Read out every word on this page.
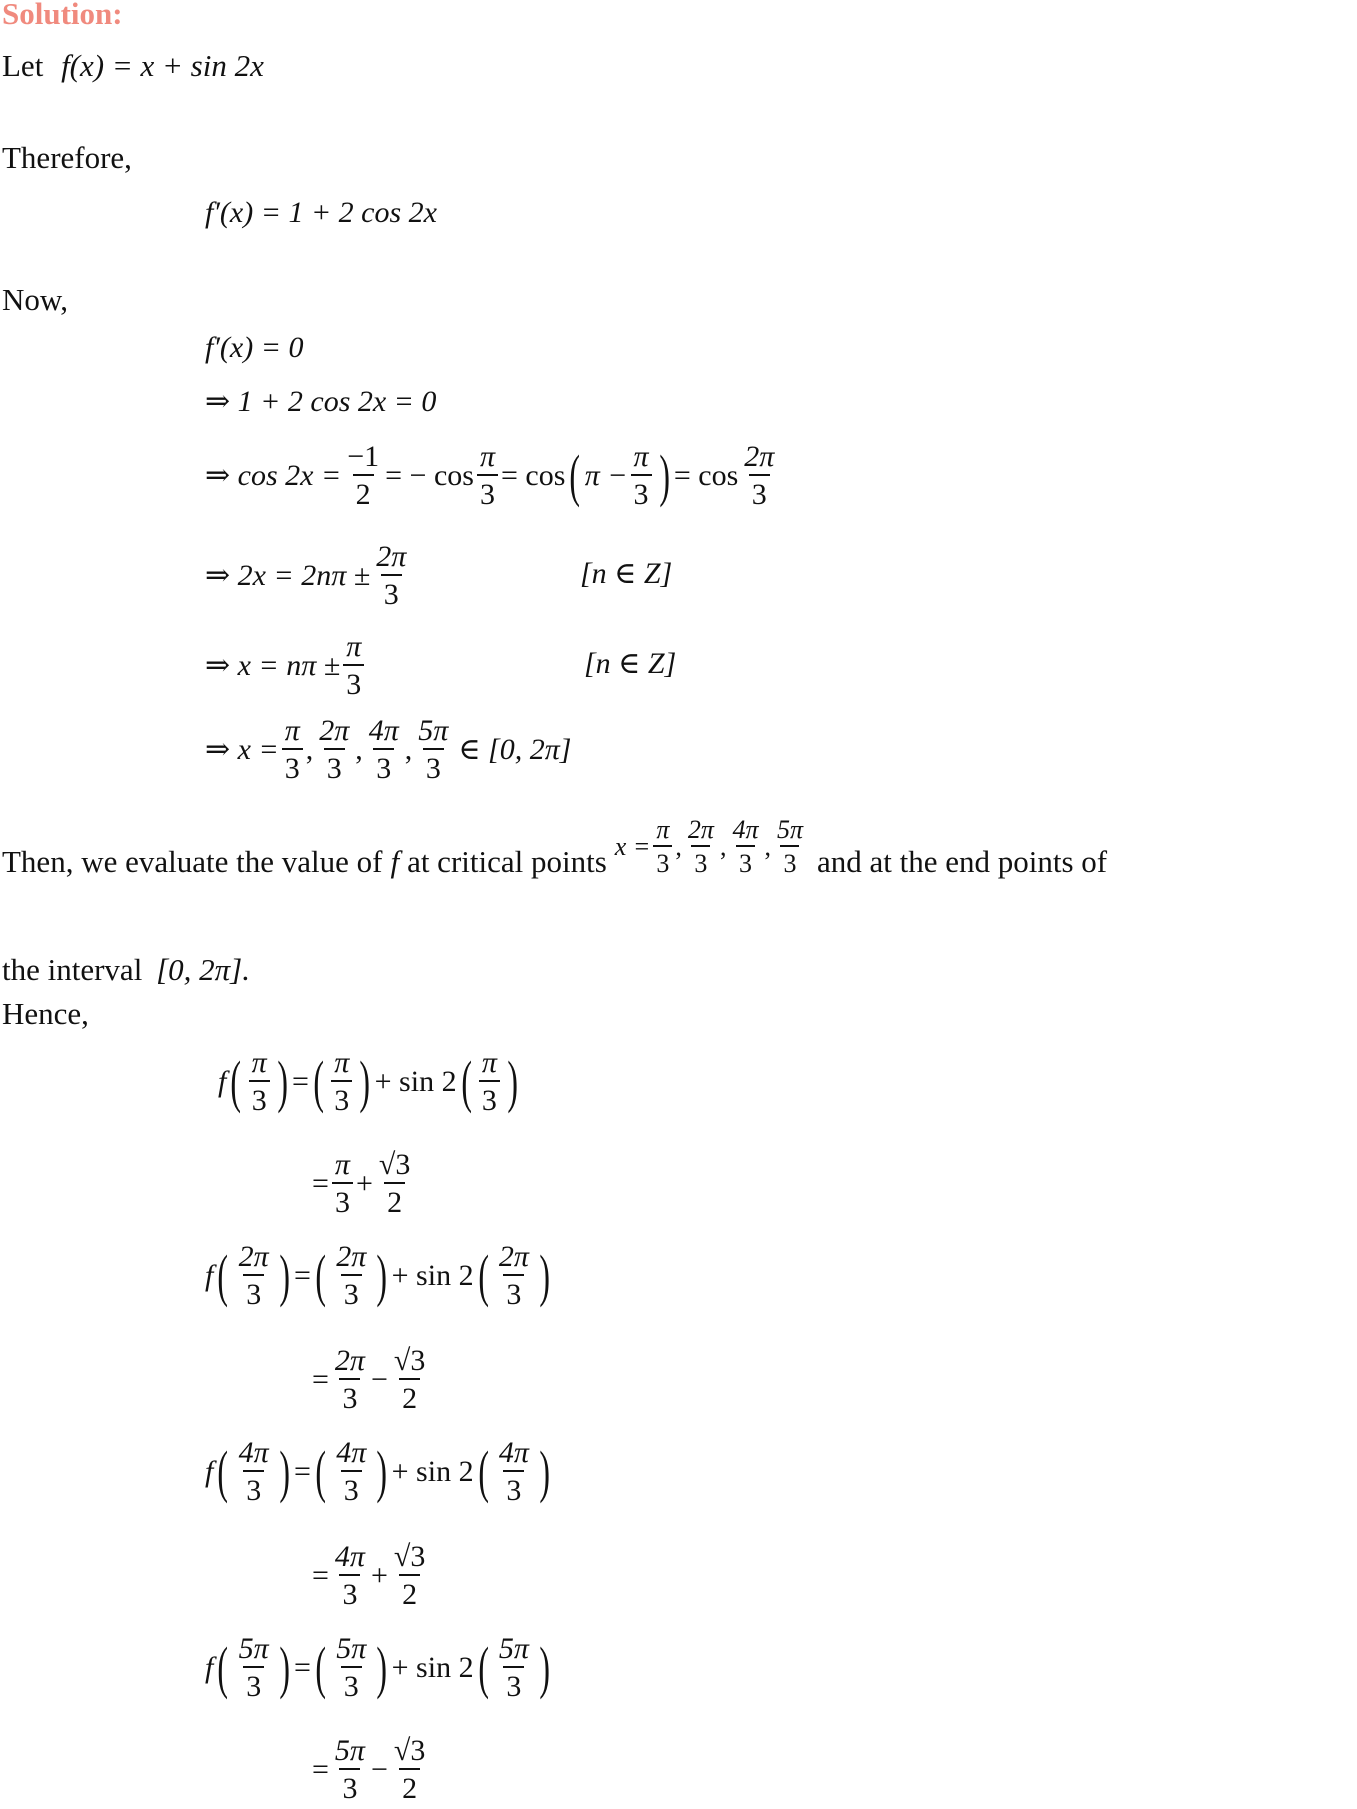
Solution:
Let f(x) = x + sin 2x
Therefore,
f′(x) = 1 + 2 cos 2x
Now,
f′(x) = 0
⇒ 1 + 2 cos 2x = 0
⇒ $\cos 2x = \frac{-1}{2}$ = − $\cos \frac{\pi}{3} = \cos$ ( $\pi - \frac{\pi}{3}$ ) = $\cos \frac{2\pi}{3}$
⇒ $2x = 2n\pi \pm \frac{2\pi}{3}$	[n ∈ Z]
⇒ $x = n\pi \pm \frac{\pi}{3}$	[n ∈ Z]
⇒ $x = \frac{\pi}{3}$ , $\frac{2\pi}{3}$ , $\frac{4\pi}{3}$ , $\frac{5\pi}{3}$ ∈ [0, 2π]
Then, we evaluate the value of f at critical points $x = \frac{\pi}{3}$ , $\frac{2\pi}{3}$ , $\frac{4\pi}{3}$ , $\frac{5\pi}{3}$ and at the end points of
the interval [0, 2π].
Hence,
f ( $\frac{\pi}{3}$ ) = ( $\frac{\pi}{3}$ ) + sin 2 ( $\frac{\pi}{3}$ )
= $\frac{\pi}{3} + \frac{√3}{2}$
f ( $\frac{2\pi}{3}$ ) = ( $\frac{2\pi}{3}$ ) + sin 2 ( $\frac{2\pi}{3}$ )
= $\frac{2\pi}{3} - \frac{√3}{2}$
f ( $\frac{4\pi}{3}$ ) = ( $\frac{4\pi}{3}$ ) + sin 2 ( $\frac{4\pi}{3}$ )
= $\frac{4\pi}{3} + \frac{√3}{2}$
f ( $\frac{5\pi}{3}$ ) = ( $\frac{5\pi}{3}$ ) + sin 2 ( $\frac{5\pi}{3}$ )
= $\frac{5\pi}{3} - \frac{√3}{2}$
